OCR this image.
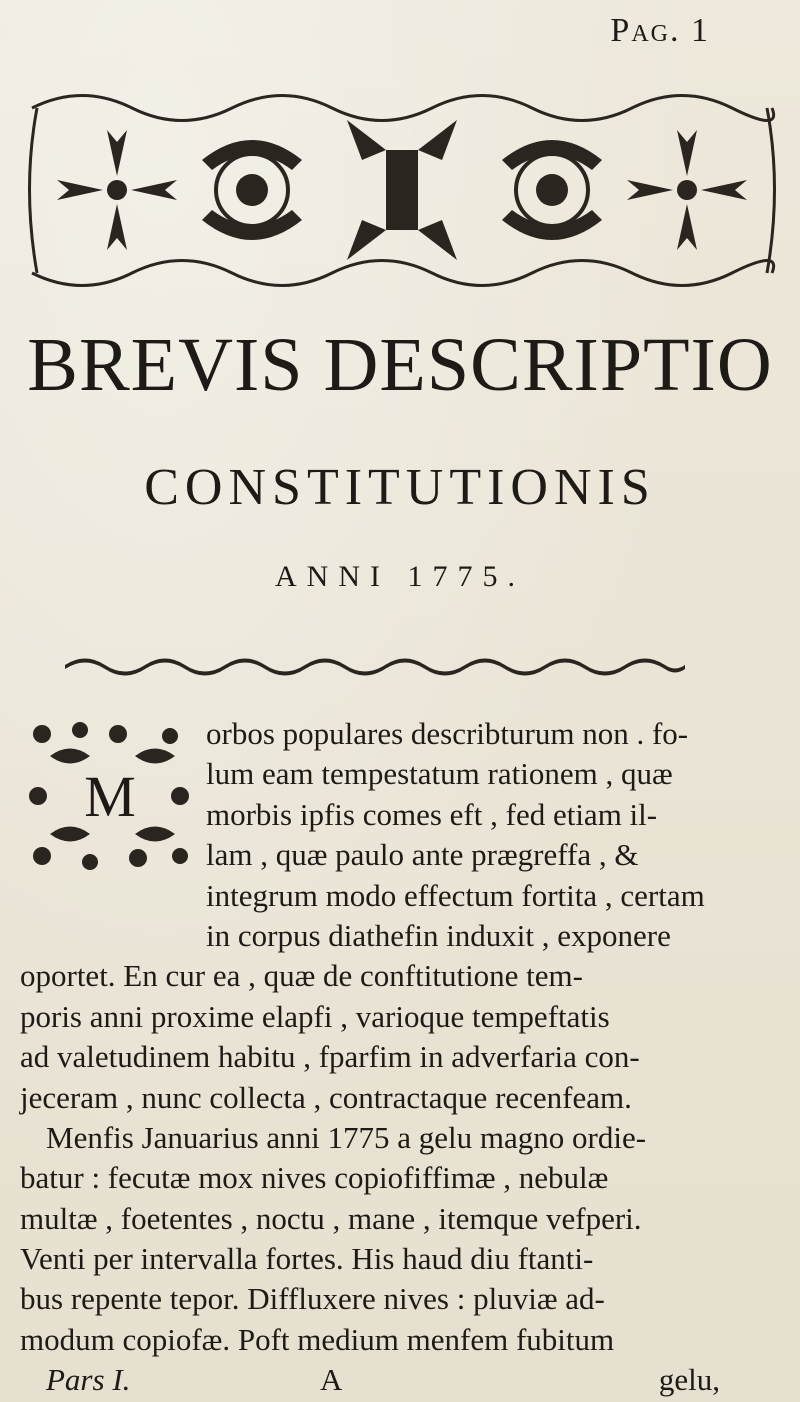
Pag. 1
BREVIS DESCRIPTIO
CONSTITUTIONIS
ANNI 1775.
M
orbos populares describturum non . fo-
lum eam tempestatum rationem , quæ
morbis ipfis comes eft , fed etiam il-
lam , quæ paulo ante prægreffa , &
integrum modo effectum fortita , certam
in corpus diathefin induxit , exponere
oportet. En cur ea , quæ de conftitutione tem-
poris anni proxime elapfi , varioque tempeftatis
ad valetudinem habitu , fparfim in adverfaria con-
jeceram , nunc collecta , contractaque recenfeam.
Menfis Januarius anni 1775 a gelu magno ordie-
batur : fecutæ mox nives copiofiffimæ , nebulæ
multæ , foetentes , noctu , mane , itemque vefperi.
Venti per intervalla fortes. His haud diu ftanti-
bus repente tepor. Diffluxere nives : pluviæ ad-
modum copiofæ. Poft medium menfem fubitum
Pars I.	A	gelu,
